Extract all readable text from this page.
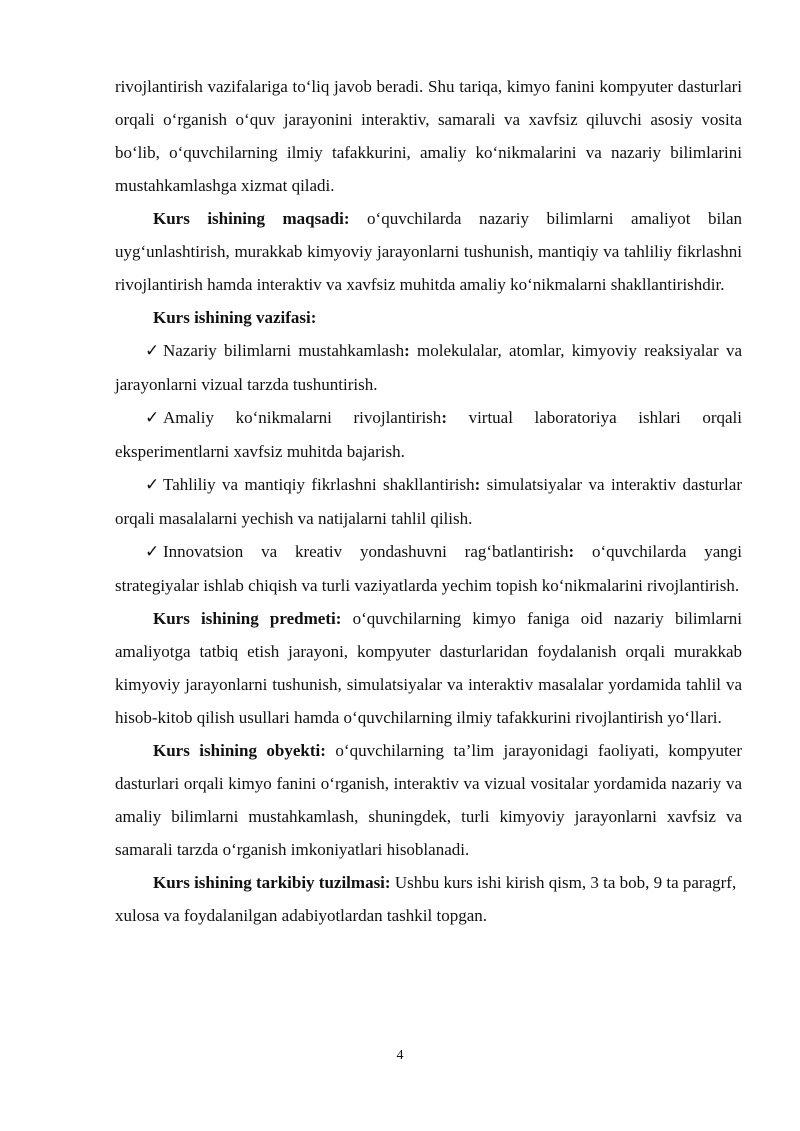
rivojlantirish vazifalariga to‘liq javob beradi. Shu tariqa, kimyo fanini kompyuter dasturlari orqali o‘rganish o‘quv jarayonini interaktiv, samarali va xavfsiz qiluvchi asosiy vosita bo‘lib, o‘quvchilarning ilmiy tafakkurini, amaliy ko‘nikmalarini va nazariy bilimlarini mustahkamlashga xizmat qiladi.

Kurs ishining maqsadi: o‘quvchilarda nazariy bilimlarni amaliyot bilan uyg‘unlashtirish, murakkab kimyoviy jarayonlarni tushunish, mantiqiy va tahliliy fikrlashni rivojlantirish hamda interaktiv va xavfsiz muhitda amaliy ko‘nikmalarni shakllantirishdir.

Kurs ishining vazifasi:

✓ Nazariy bilimlarni mustahkamlash: molekulalar, atomlar, kimyoviy reaksiyalar va jarayonlarni vizual tarzda tushuntirish.

✓ Amaliy ko‘nikmalarni rivojlantirish: virtual laboratoriya ishlari orqali eksperimentlarni xavfsiz muhitda bajarish.

✓ Tahliliy va mantiqiy fikrlashni shakllantirish: simulatsiyalar va interaktiv dasturlar orqali masalalarni yechish va natijalarni tahlil qilish.

✓ Innovatsion va kreativ yondashuvni rag‘batlantirish: o‘quvchilarda yangi strategiyalar ishlab chiqish va turli vaziyatlarda yechim topish ko‘nikmalarini rivojlantirish.

Kurs ishining predmeti: o‘quvchilarning kimyo faniga oid nazariy bilimlarni amaliyotga tatbiq etish jarayoni, kompyuter dasturlaridan foydalanish orqali murakkab kimyoviy jarayonlarni tushunish, simulatsiyalar va interaktiv masalalar yordamida tahlil va hisob-kitob qilish usullari hamda o‘quvchilarning ilmiy tafakkurini rivojlantirish yo‘llari.

Kurs ishining obyekti: o‘quvchilarning ta’lim jarayonidagi faoliyati, kompyuter dasturlari orqali kimyo fanini o‘rganish, interaktiv va vizual vositalar yordamida nazariy va amaliy bilimlarni mustahkamlash, shuningdek, turli kimyoviy jarayonlarni xavfsiz va samarali tarzda o‘rganish imkoniyatlari hisoblanadi.

Kurs ishining tarkibiy tuzilmasi: Ushbu kurs ishi kirish qism, 3 ta bob, 9 ta paragrf, xulosa va foydalanilgan adabiyotlardan tashkil topgan.

4
